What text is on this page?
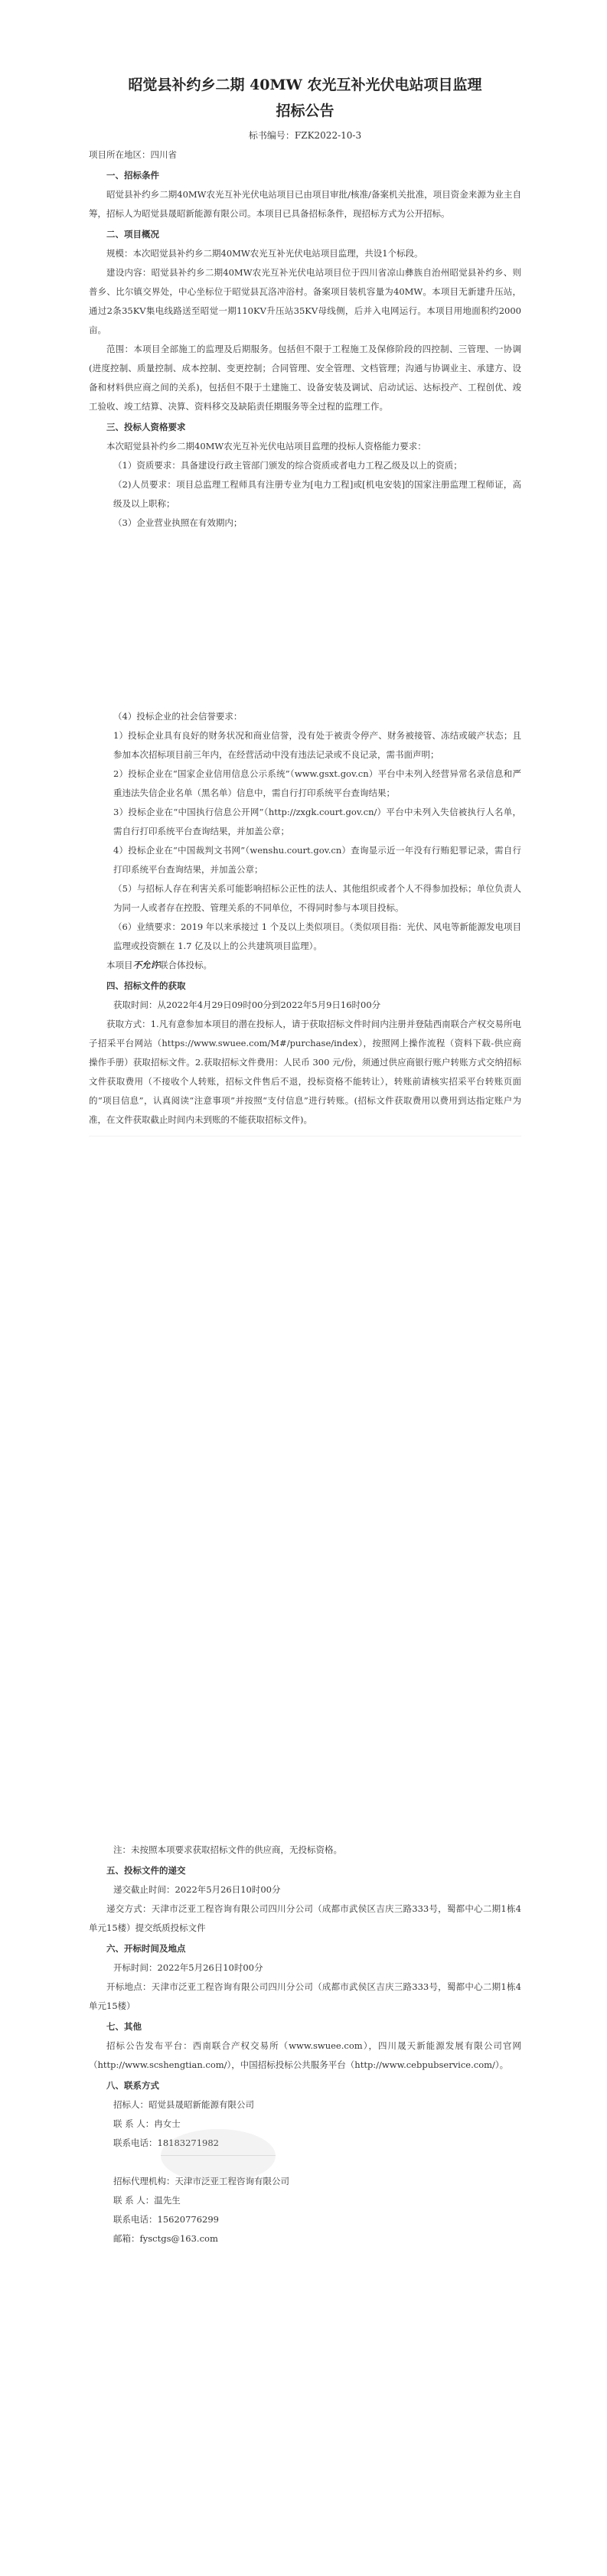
昭觉县补约乡二期 40MW 农光互补光伏电站项目监理
招标公告
标书编号：FZK2022-10-3

项目所在地区：四川省

一、招标条件

昭觉县补约乡二期40MW农光互补光伏电站项目已由项目审批/核准/备案机关批准，项目资金来源为业主自筹，招标人为昭觉县晟昭新能源有限公司。本项目已具备招标条件，现招标方式为公开招标。

二、项目概况

规模：本次昭觉县补约乡二期40MW农光互补光伏电站项目监理，共设1个标段。

建设内容：昭觉县补约乡二期40MW农光互补光伏电站项目位于四川省凉山彝族自治州昭觉县补约乡、则普乡、比尔镇交界处，中心坐标位于昭觉县瓦洛冲浴村。备案项目装机容量为40MW。本项目无新建升压站，通过2条35KV集电线路送至昭觉一期110KV升压站35KV母线侧，后并入电网运行。本项目用地面积约2000亩。

范围：本项目全部施工的监理及后期服务。包括但不限于工程施工及保修阶段的四控制、三管理、一协调(进度控制、质量控制、成本控制、变更控制；合同管理、安全管理、文档管理；沟通与协调业主、承建方、设备和材料供应商之间的关系)，包括但不限于土建施工、设备安装及调试、启动试运、达标投产、工程创优、竣工验收、竣工结算、决算、资料移交及缺陷责任期服务等全过程的监理工作。

三、投标人资格要求

本次昭觉县补约乡二期40MW农光互补光伏电站项目监理的投标人资格能力要求：

（1）资质要求：具备建设行政主管部门颁发的综合资质或者电力工程乙级及以上的资质；

（2)人员要求：项目总监理工程师具有注册专业为[电力工程]或[机电安装]的国家注册监理工程师证，高级及以上职称；

（3）企业营业执照在有效期内；

（4）投标企业的社会信誉要求：

1）投标企业具有良好的财务状况和商业信誉，没有处于被责令停产、财务被接管、冻结或破产状态；且参加本次招标项目前三年内，在经营活动中没有违法记录或不良记录，需书面声明；

2）投标企业在“国家企业信用信息公示系统”（www.gsxt.gov.cn）平台中未列入经营异常名录信息和严重违法失信企业名单（黑名单）信息中，需自行打印系统平台查询结果；

3）投标企业在“中国执行信息公开网”（http://zxgk.court.gov.cn/）平台中未列入失信被执行人名单，需自行打印系统平台查询结果，并加盖公章；

4）投标企业在“中国裁判文书网”（wenshu.court.gov.cn）查询显示近一年没有行贿犯罪记录，需自行打印系统平台查询结果，并加盖公章；

（5）与招标人存在利害关系可能影响招标公正性的法人、其他组织或者个人不得参加投标；单位负责人为同一人或者存在控股、管理关系的不同单位，不得同时参与本项目投标。

（6）业绩要求：2019 年以来承接过 1 个及以上类似项目。（类似项目指：光伏、风电等新能源发电项目监理或投资额在 1.7 亿及以上的公共建筑项目监理）。

本项目不允许联合体投标。

四、招标文件的获取

获取时间：从2022年4月29日09时00分到2022年5月9日16时00分

获取方式：1.凡有意参加本项目的潜在投标人，请于获取招标文件时间内注册并登陆西南联合产权交易所电子招采平台网站（https://www.swuee.com/M#/purchase/index），按照网上操作流程（资料下载-供应商操作手册）获取招标文件。2.获取招标文件费用：人民币 300 元/份，须通过供应商银行账户转账方式交纳招标文件获取费用（不接收个人转账，招标文件售后不退，投标资格不能转让），转账前请核实招采平台转账页面的“项目信息”，认真阅读“注意事项”并按照“支付信息”进行转账。(招标文件获取费用以费用到达指定账户为准，在文件获取截止时间内未到账的不能获取招标文件)。

注：未按照本项要求获取招标文件的供应商，无投标资格。

五、投标文件的递交

递交截止时间：2022年5月26日10时00分

递交方式：天津市泛亚工程咨询有限公司四川分公司（成都市武侯区吉庆三路333号，蜀都中心二期1栋4单元15楼）提交纸质投标文件

六、开标时间及地点

开标时间：2022年5月26日10时00分

开标地点：天津市泛亚工程咨询有限公司四川分公司（成都市武侯区吉庆三路333号，蜀都中心二期1栋4单元15楼）

七、其他

招标公告发布平台：西南联合产权交易所（www.swuee.com），四川晟天新能源发展有限公司官网（http://www.scshengtian.com/），中国招标投标公共服务平台（http://www.cebpubservice.com/）。

八、联系方式

招标人：昭觉县晟昭新能源有限公司

联 系 人：冉女士

联系电话：18183271982

招标代理机构：天津市泛亚工程咨询有限公司

联 系 人：温先生

联系电话：15620776299

邮箱：fysctgs@163.com
